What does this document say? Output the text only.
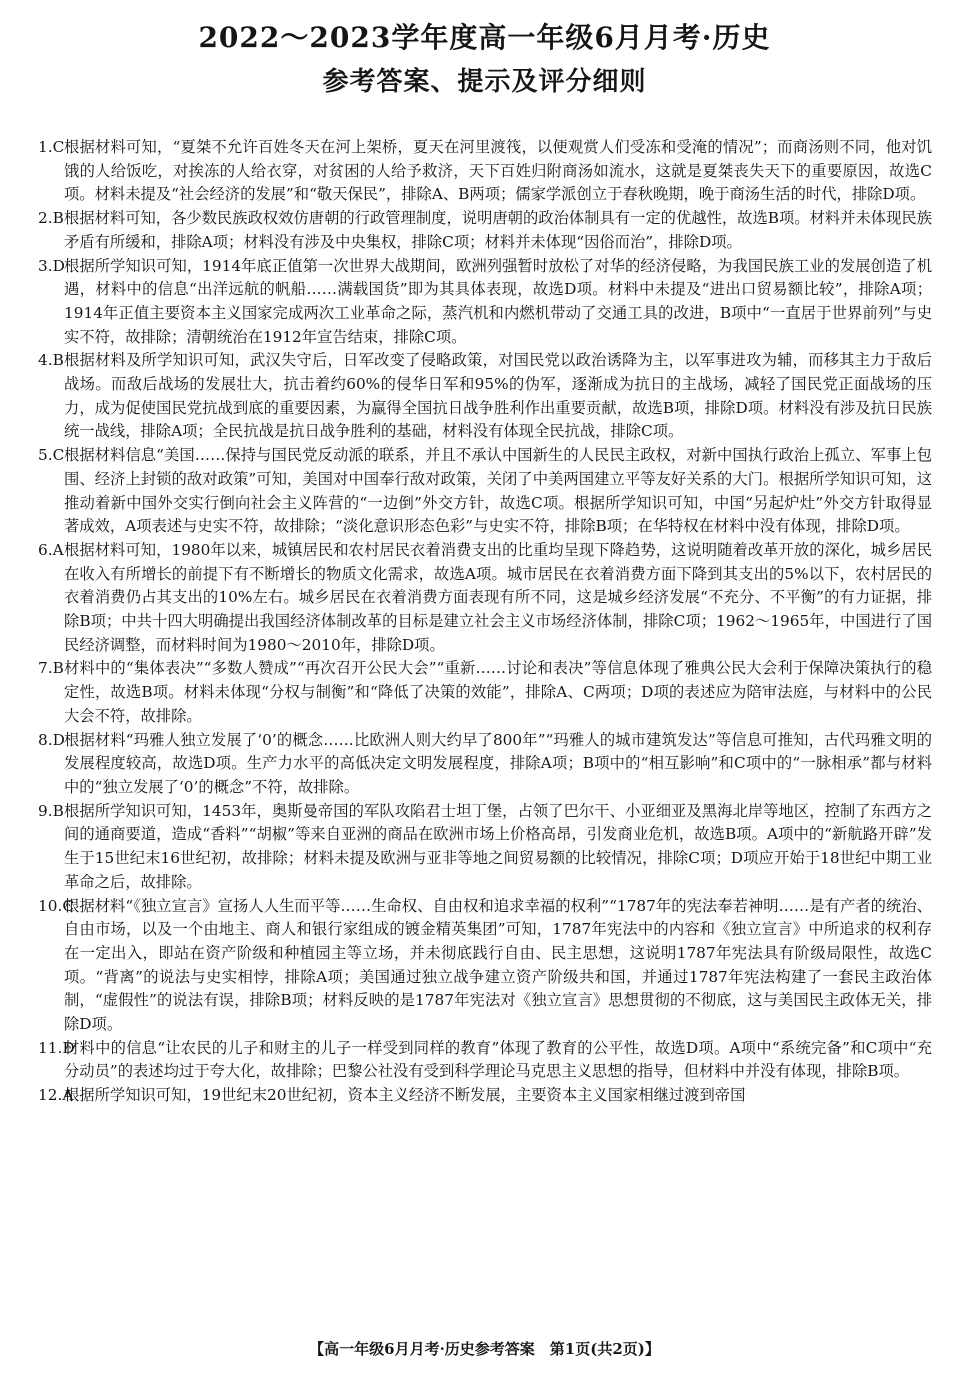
2022～2023学年度高一年级6月月考·历史
参考答案、提示及评分细则
1.C 根据材料可知，“夏桀不允许百姓冬天在河上架桥，夏天在河里渡筏，以便观赏人们受冻和受淹的情况”；而商汤则不同，他对饥饿的人给饭吃，对挨冻的人给衣穿，对贫困的人给予救济，天下百姓归附商汤如流水，这就是夏桀丧失天下的重要原因，故选C项。材料未提及“社会经济的发展”和“敬天保民”，排除A、B两项；儒家学派创立于春秋晚期，晚于商汤生活的时代，排除D项。
2.B 根据材料可知，各少数民族政权效仿唐朝的行政管理制度，说明唐朝的政治体制具有一定的优越性，故选B项。材料并未体现民族矛盾有所缓和，排除A项；材料没有涉及中央集权，排除C项；材料并未体现“因俗而治”，排除D项。
3.D 根据所学知识可知，1914年底正值第一次世界大战期间，欧洲列强暂时放松了对华的经济侵略，为我国民族工业的发展创造了机遇，材料中的信息“出洋远航的帆船……满载国货”即为其具体表现，故选D项。材料中未提及“进出口贸易额比较”，排除A项；1914年正值主要资本主义国家完成两次工业革命之际，蒸汽机和内燃机带动了交通工具的改进，B项中“一直居于世界前列”与史实不符，故排除；清朝统治在1912年宣告结束，排除C项。
4.B 根据材料及所学知识可知，武汉失守后，日军改变了侵略政策，对国民党以政治诱降为主，以军事进攻为辅，而移其主力于敌后战场。而敌后战场的发展壮大，抗击着约60%的侵华日军和95%的伪军，逐渐成为抗日的主战场，减轻了国民党正面战场的压力，成为促使国民党抗战到底的重要因素，为赢得全国抗日战争胜利作出重要贡献，故选B项，排除D项。材料没有涉及抗日民族统一战线，排除A项；全民抗战是抗日战争胜利的基础，材料没有体现全民抗战，排除C项。
5.C 根据材料信息“美国……保持与国民党反动派的联系，并且不承认中国新生的人民民主政权，对新中国执行政治上孤立、军事上包围、经济上封锁的敌对政策”可知，美国对中国奉行敌对政策，关闭了中美两国建立平等友好关系的大门。根据所学知识可知，这推动着新中国外交实行倒向社会主义阵营的“一边倒”外交方针，故选C项。根据所学知识可知，中国“另起炉灶”外交方针取得显著成效，A项表述与史实不符，故排除；“淡化意识形态色彩”与史实不符，排除B项；在华特权在材料中没有体现，排除D项。
6.A 根据材料可知，1980年以来，城镇居民和农村居民衣着消费支出的比重均呈现下降趋势，这说明随着改革开放的深化，城乡居民在收入有所增长的前提下有不断增长的物质文化需求，故选A项。城市居民在衣着消费方面下降到其支出的5%以下，农村居民的衣着消费仍占其支出的10%左右。城乡居民在衣着消费方面表现有所不同，这是城乡经济发展“不充分、不平衡”的有力证据，排除B项；中共十四大明确提出我国经济体制改革的目标是建立社会主义市场经济体制，排除C项；1962～1965年，中国进行了国民经济调整，而材料时间为1980～2010年，排除D项。
7.B 材料中的“集体表决”“多数人赞成”“再次召开公民大会”“重新……讨论和表决”等信息体现了雅典公民大会利于保障决策执行的稳定性，故选B项。材料未体现“分权与制衡”和“降低了决策的效能”，排除A、C两项；D项的表述应为陪审法庭，与材料中的公民大会不符，故排除。
8.D 根据材料“玛雅人独立发展了‘0’的概念……比欧洲人则大约早了800年”“玛雅人的城市建筑发达”等信息可推知，古代玛雅文明的发展程度较高，故选D项。生产力水平的高低决定文明发展程度，排除A项；B项中的“相互影响”和C项中的“一脉相承”都与材料中的“独立发展了‘0’的概念”不符，故排除。
9.B 根据所学知识可知，1453年，奥斯曼帝国的军队攻陷君士坦丁堡，占领了巴尔干、小亚细亚及黑海北岸等地区，控制了东西方之间的通商要道，造成“香料”“胡椒”等来自亚洲的商品在欧洲市场上价格高昂，引发商业危机，故选B项。A项中的“新航路开辟”发生于15世纪末16世纪初，故排除；材料未提及欧洲与亚非等地之间贸易额的比较情况，排除C项；D项应开始于18世纪中期工业革命之后，故排除。
10.C
根据材料“《独立宣言》宣扬人人生而平等……生命权、自由权和追求幸福的权利”“1787年的宪法奉若神明……是有产者的统治、自由市场，以及一个由地主、商人和银行家组成的镀金精英集团”可知，1787年宪法中的内容和《独立宣言》中所追求的权利存在一定出入，即站在资产阶级和种植园主等立场，并未彻底践行自由、民主思想，这说明1787年宪法具有阶级局限性，故选C项。“背离”的说法与史实相悖，排除A项；美国通过独立战争建立资产阶级共和国，并通过1787年宪法构建了一套民主政治体制，“虚假性”的说法有误，排除B项；材料反映的是1787年宪法对《独立宣言》思想贯彻的不彻底，这与美国民主政体无关，排除D项。
11.D
材料中的信息“让农民的儿子和财主的儿子一样受到同样的教育”体现了教育的公平性，故选D项。A项中“系统完备”和C项中“充分动员”的表述均过于夸大化，故排除；巴黎公社没有受到科学理论马克思主义思想的指导，但材料中并没有体现，排除B项。
12.A
根据所学知识可知，19世纪末20世纪初，资本主义经济不断发展，主要资本主义国家相继过渡到帝国
【高一年级6月月考·历史参考答案　第1页(共2页)】
